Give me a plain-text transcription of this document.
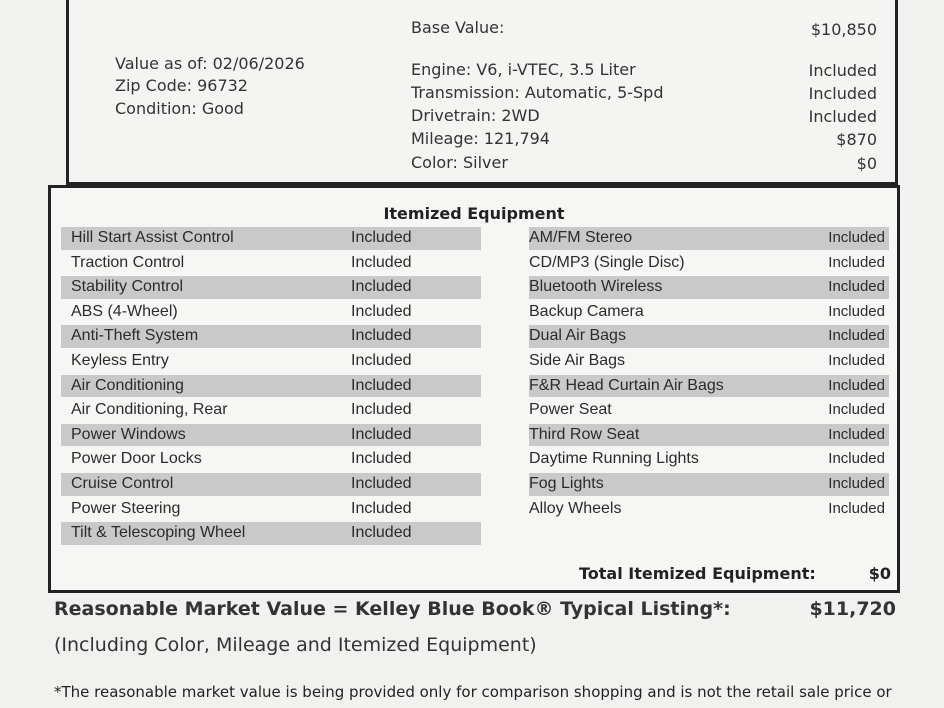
Value as of: 02/06/2026
Zip Code: 96732
Condition: Good
Base Value:	$10,850
Engine: V6, i-VTEC, 3.5 Liter	Included
Transmission: Automatic, 5-Spd	Included
Drivetrain: 2WD	Included
Mileage: 121,794	$870
Color: Silver	$0
Itemized Equipment
Hill Start Assist Control	Included	AM/FM Stereo	Included
Traction Control	Included	CD/MP3 (Single Disc)	Included
Stability Control	Included	Bluetooth Wireless	Included
ABS (4-Wheel)	Included	Backup Camera	Included
Anti-Theft System	Included	Dual Air Bags	Included
Keyless Entry	Included	Side Air Bags	Included
Air Conditioning	Included	F&R Head Curtain Air Bags	Included
Air Conditioning, Rear	Included	Power Seat	Included
Power Windows	Included	Third Row Seat	Included
Power Door Locks	Included	Daytime Running Lights	Included
Cruise Control	Included	Fog Lights	Included
Power Steering	Included	Alloy Wheels	Included
Tilt & Telescoping Wheel	Included
Total Itemized Equipment:	$0
Reasonable Market Value = Kelley Blue Book® Typical Listing*:	$11,720
(Including Color, Mileage and Itemized Equipment)
*The reasonable market value is being provided only for comparison shopping and is not the retail sale price or
